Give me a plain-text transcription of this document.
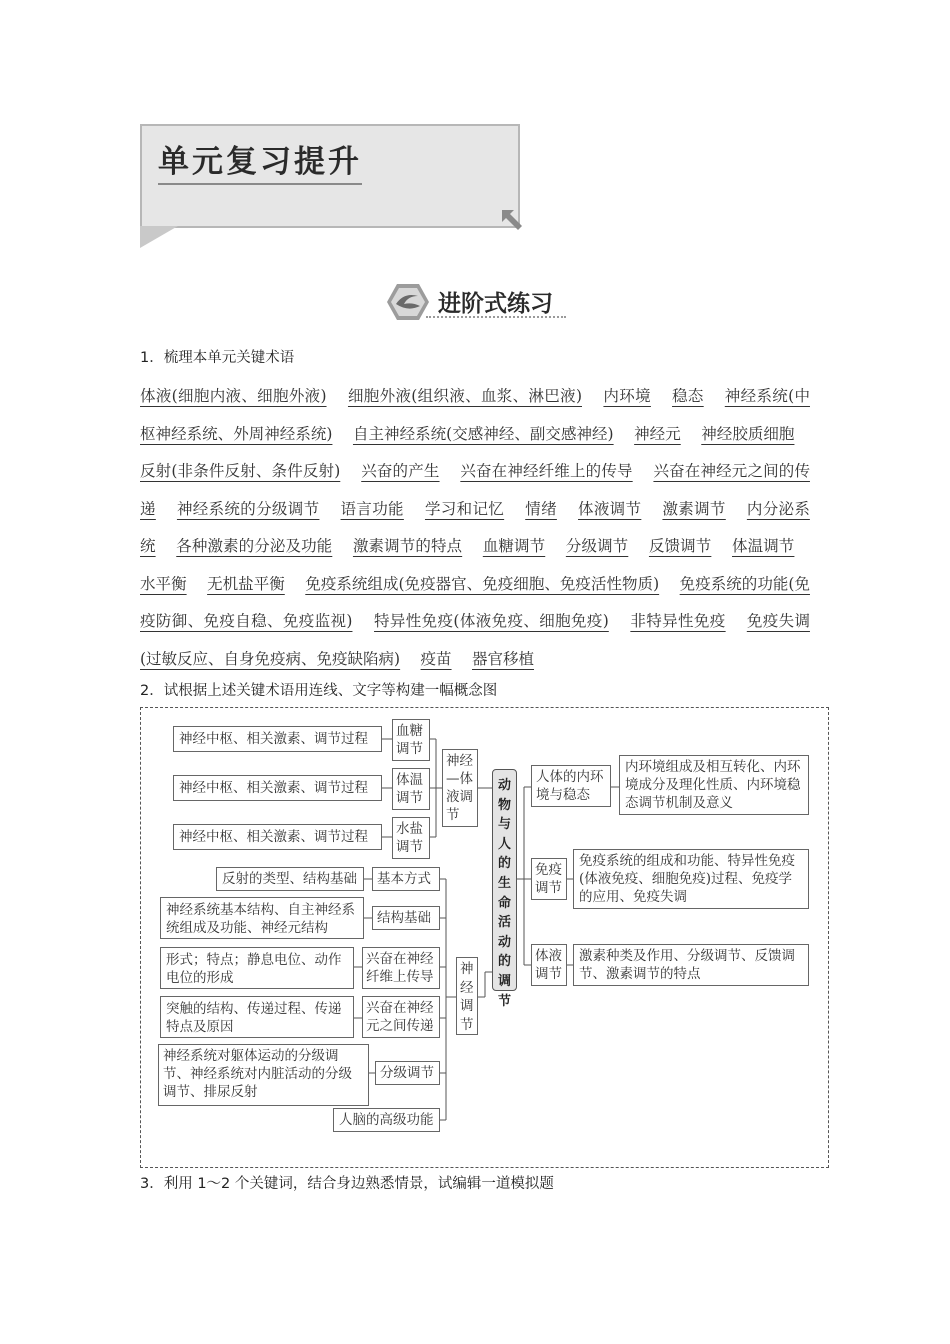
单元复习提升
进阶式练习
1．梳理本单元关键术语
体液(细胞内液、细胞外液)　 细胞外液(组织液、血浆、淋巴液)　 内环境　 稳态　 神经系统(中枢神经系统、外周神经系统)　 自主神经系统(交感神经、副交感神经)　 神经元　 神经胶质细胞　 反射(非条件反射、条件反射)　 兴奋的产生　 兴奋在神经纤维上的传导　 兴奋在神经元之间的传递　 神经系统的分级调节　 语言功能　 学习和记忆　 情绪　 体液调节　 激素调节　 内分泌系统　 各种激素的分泌及功能　 激素调节的特点　 血糖调节　 分级调节　 反馈调节　 体温调节　 水平衡　 无机盐平衡　 免疫系统组成(免疫器官、免疫细胞、免疫活性物质)　 免疫系统的功能(免疫防御、免疫自稳、免疫监视)　 特异性免疫(体液免疫、细胞免疫)　 非特异性免疫　 免疫失调(过敏反应、自身免疫病、免疫缺陷病)　 疫苗　 器官移植
2．试根据上述关键术语用连线、文字等构建一幅概念图
神经中枢、相关激素、调节过程	血糖调节
神经中枢、相关激素、调节过程	体温调节
神经中枢、相关激素、调节过程	水盐调节
神经—体液调节
动物与人的生命活动的调节
反射的类型、结构基础	基本方式
神经系统基本结构、自主神经系统组成及功能、神经元结构
结构基础
形式；特点；静息电位、动作电位的形成
兴奋在神经纤维上传导
突触的结构、传递过程、传递特点及原因
兴奋在神经元之间传递
神经系统对躯体运动的分级调节、神经系统对内脏活动的分级调节、排尿反射
分级调节
人脑的高级功能
神经调节
人体的内环境与稳态
内环境组成及相互转化、内环境成分及理化性质、内环境稳态调节机制及意义
免疫调节
免疫系统的组成和功能、特异性免疫(体液免疫、细胞免疫)过程、免疫学的应用、免疫失调
体液调节
激素种类及作用、分级调节、反馈调节、激素调节的特点
3．利用 1～2 个关键词，结合身边熟悉情景，试编辑一道模拟题
